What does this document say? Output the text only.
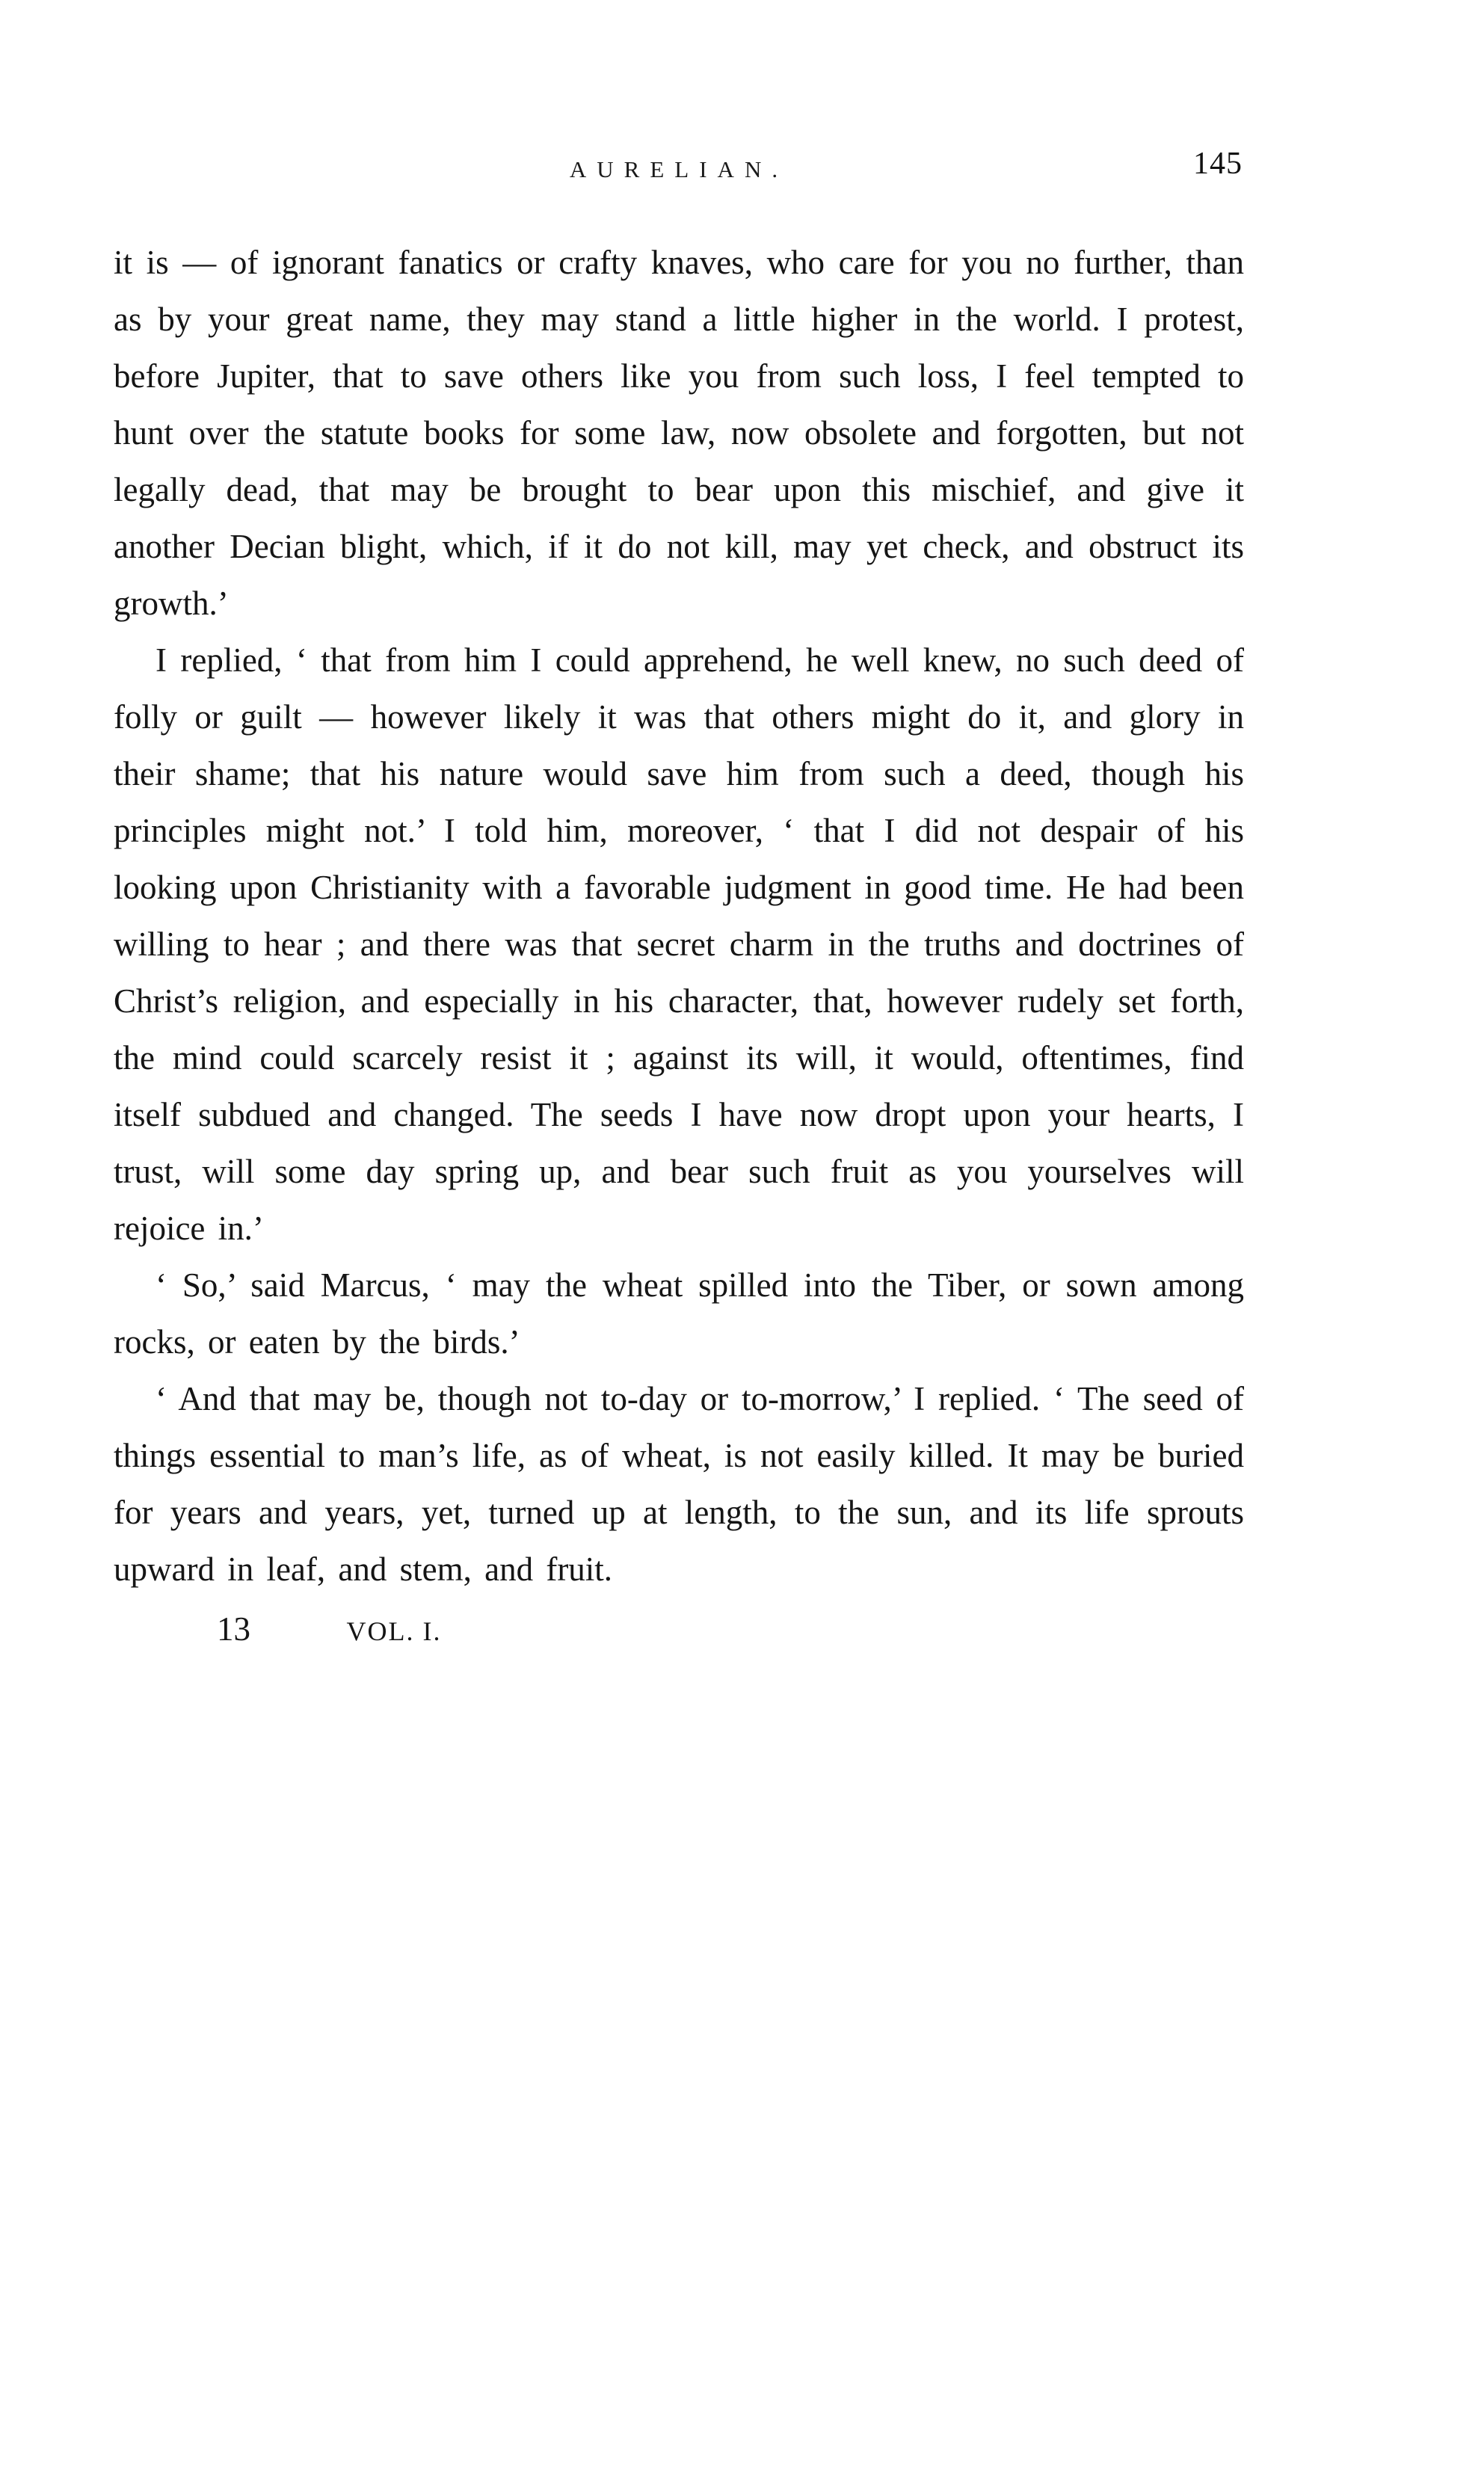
AURELIAN.	145

it is — of ignorant fanatics or crafty knaves, who care for you no further, than as by your great name, they may stand a little higher in the world. I protest, before Jupiter, that to save others like you from such loss, I feel tempted to hunt over the statute books for some law, now obsolete and forgotten, but not legally dead, that may be brought to bear upon this mischief, and give it another Decian blight, which, if it do not kill, may yet check, and obstruct its growth.’

I replied, ‘ that from him I could apprehend, he well knew, no such deed of folly or guilt — however likely it was that others might do it, and glory in their shame; that his nature would save him from such a deed, though his principles might not.’ I told him, moreover, ‘ that I did not despair of his looking upon Christianity with a favorable judgment in good time. He had been willing to hear ; and there was that secret charm in the truths and doctrines of Christ’s religion, and especially in his character, that, however rudely set forth, the mind could scarcely resist it ; against its will, it would, oftentimes, find itself subdued and changed. The seeds I have now dropt upon your hearts, I trust, will some day spring up, and bear such fruit as you yourselves will rejoice in.’

‘ So,’ said Marcus, ‘ may the wheat spilled into the Tiber, or sown among rocks, or eaten by the birds.’

‘ And that may be, though not to-day or to-morrow,’ I replied. ‘ The seed of things essential to man’s life, as of wheat, is not easily killed. It may be buried for years and years, yet, turned up at length, to the sun, and its life sprouts upward in leaf, and stem, and fruit.

13	VOL. I.
